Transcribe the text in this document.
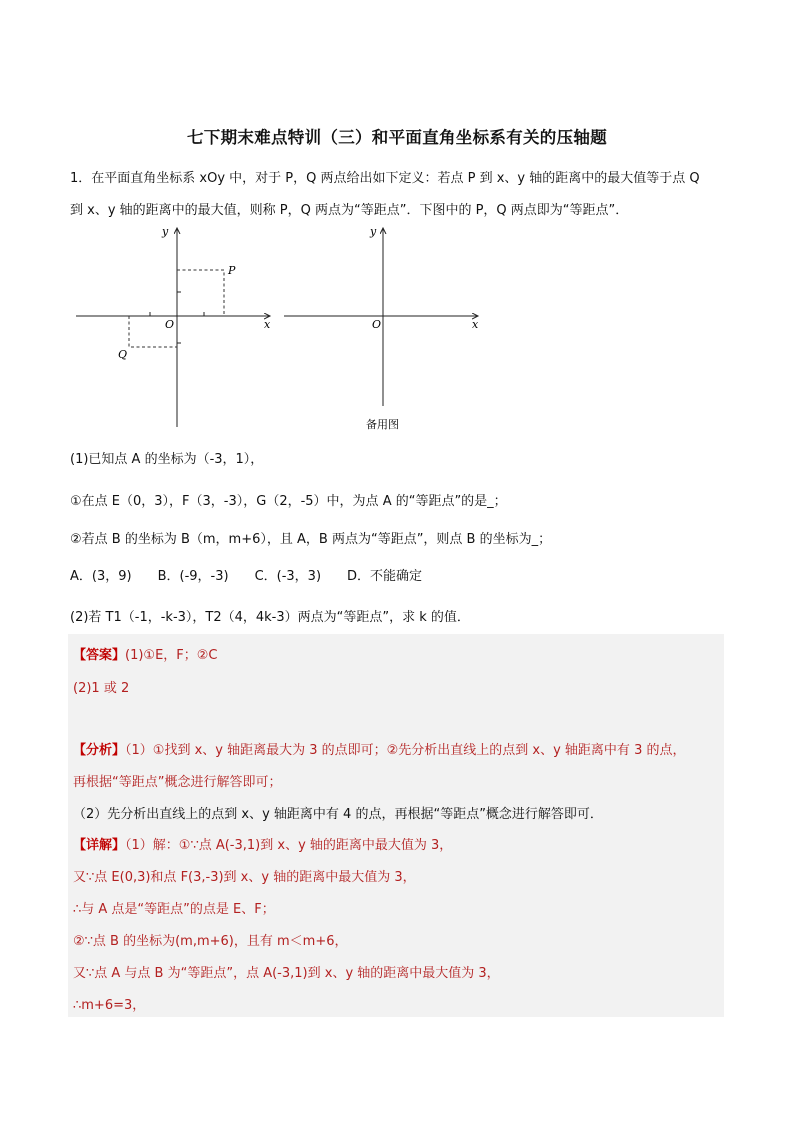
七下期末难点特训（三）和平面直角坐标系有关的压轴题
1．在平面直角坐标系 xOy 中，对于 P，Q 两点给出如下定义：若点 P 到 x、y 轴的距离中的最大值等于点 Q
到 x、y 轴的距离中的最大值，则称 P，Q 两点为“等距点”．下图中的 P，Q 两点即为“等距点”．
y
x
O
P
Q
y
x
O
备用图
(1)已知点 A 的坐标为（-3，1），
①在点 E（0，3），F（3，-3），G（2，-5）中，为点 A 的“等距点”的是_；
②若点 B 的坐标为 B（m，m+6），且 A，B 两点为“等距点”，则点 B 的坐标为_；
A．(3，9)　　B．(-9，-3)　　C．(-3，3)　　D．不能确定
(2)若 T1（-1，-k-3），T2（4，4k-3）两点为“等距点”，求 k 的值．
【答案】(1)①E，F；②C
(2)1 或 2
【分析】（1）①找到 x、y 轴距离最大为 3 的点即可；②先分析出直线上的点到 x、y 轴距离中有 3 的点，
再根据“等距点”概念进行解答即可；
（2）先分析出直线上的点到 x、y 轴距离中有 4 的点，再根据“等距点”概念进行解答即可．
【详解】（1）解：①∵点 A(-3,1)到 x、y 轴的距离中最大值为 3，
又∵点 E(0,3)和点 F(3,-3)到 x、y 轴的距离中最大值为 3，
∴与 A 点是“等距点”的点是 E、F；
②∵点 B 的坐标为(m,m+6)，且有 m＜m+6，
又∵点 A 与点 B 为“等距点”，点 A(-3,1)到 x、y 轴的距离中最大值为 3，
∴m+6=3，
